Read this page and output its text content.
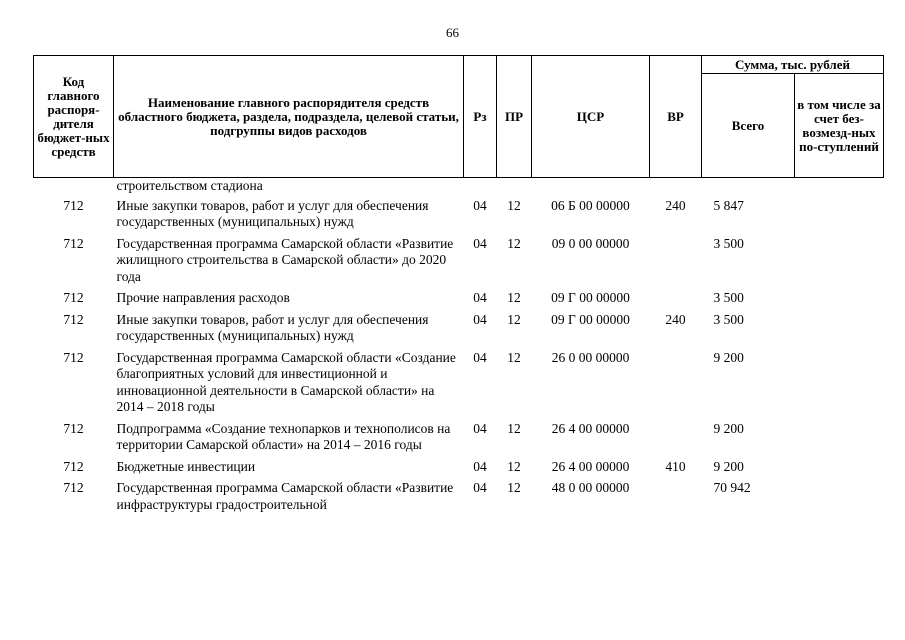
66
Код главного распоря-дителя бюджет-ных средств	Наименование главного распорядителя средств областного бюджета, раздела, подраздела, целевой статьи, подгруппы видов расходов	Рз	ПР	ЦСР	ВР	Сумма, тыс. рублей	
						Всего	в том числе за счет без-возмезд-ных по-ступлений
	строительством стадиона						
712	Иные закупки товаров, работ и услуг для обеспечения государственных (муниципальных) нужд	04	12	06 Б 00 00000	240	5 847	
712	Государственная программа Самарской области «Развитие жилищного строительства в Самарской области» до 2020 года	04	12	09 0 00 00000		3 500	
712	Прочие направления расходов	04	12	09 Г 00 00000		3 500	
712	Иные закупки товаров, работ и услуг для обеспечения государственных (муниципальных) нужд	04	12	09 Г 00 00000	240	3 500	
712	Государственная программа Самарской области «Создание благоприятных условий для инвестиционной и инновационной деятельности в Самарской области» на 2014 – 2018 годы	04	12	26 0 00 00000		9 200	
712	Подпрограмма «Создание технопарков и технополисов на территории Самарской области» на 2014 – 2016 годы	04	12	26 4 00 00000		9 200	
712	Бюджетные инвестиции	04	12	26 4 00 00000	410	9 200	
712	Государственная программа Самарской области «Развитие инфраструктуры градостроительной	04	12	48 0 00 00000		70 942	
